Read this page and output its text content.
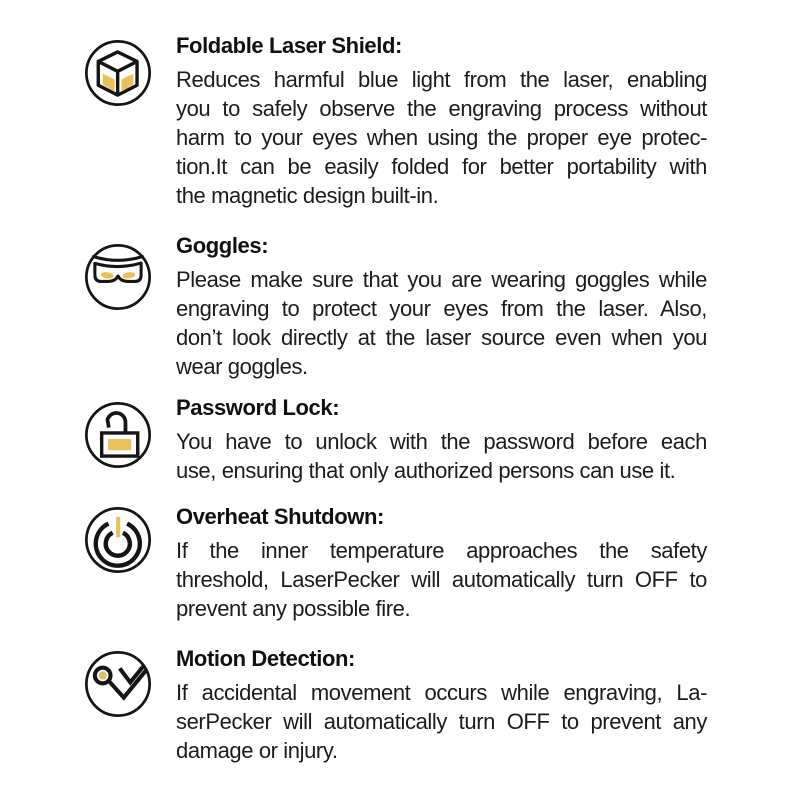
Foldable Laser Shield:
Reduces harmful blue light from the laser, enabling
you to safely observe the engraving process without
harm to your eyes when using the proper eye protec-
tion.It can be easily folded for better portability with
the magnetic design built-in.
Goggles:
Please make sure that you are wearing goggles while
engraving to protect your eyes from the laser. Also,
don’t look directly at the laser source even when you
wear goggles.
Password Lock:
You have to unlock with the password before each
use, ensuring that only authorized persons can use it.
Overheat Shutdown:
If the inner temperature approaches the safety
threshold, LaserPecker will automatically turn OFF to
prevent any possible fire.
Motion Detection:
If accidental movement occurs while engraving, La-
serPecker will automatically turn OFF to prevent any
damage or injury.
